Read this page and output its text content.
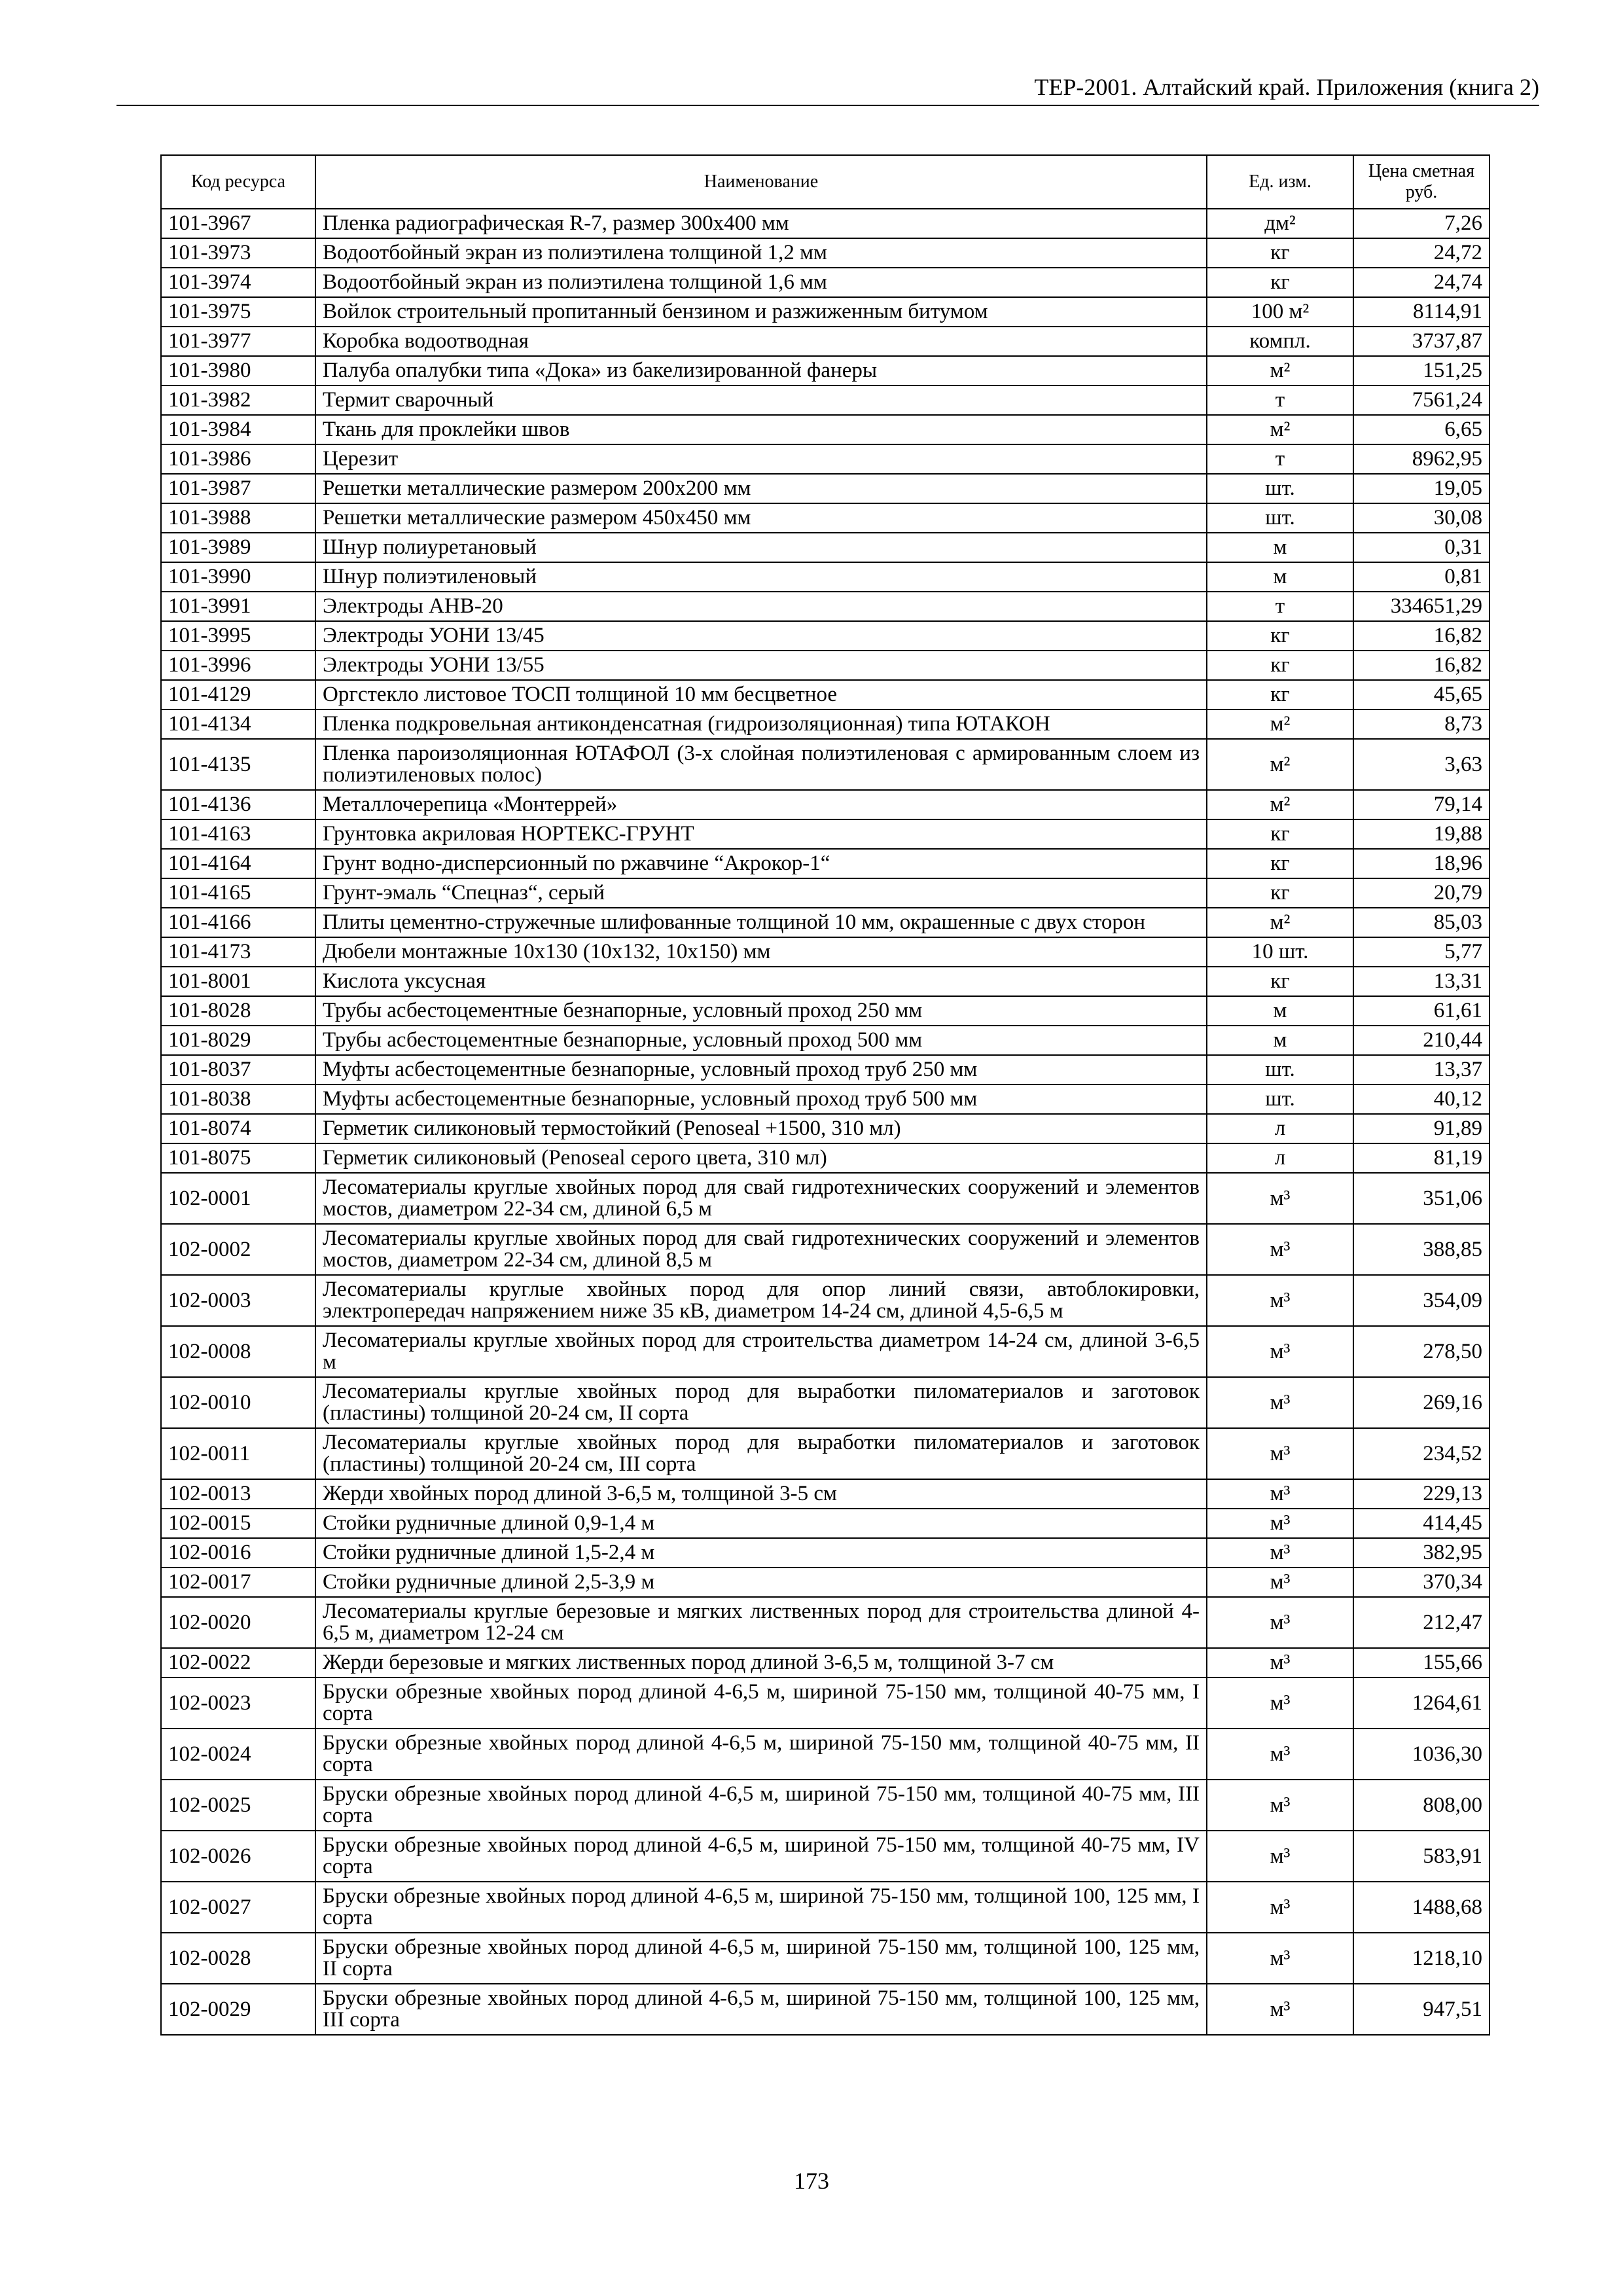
ТЕР-2001. Алтайский край. Приложения (книга 2)
Код ресурса	Наименование	Ед. изм.	Цена сметная руб.
101-3967	Пленка радиографическая R-7, размер 300x400 мм	дм²	7,26
101-3973	Водоотбойный экран из полиэтилена толщиной 1,2 мм	кг	24,72
101-3974	Водоотбойный экран из полиэтилена толщиной 1,6 мм	кг	24,74
101-3975	Войлок строительный пропитанный бензином и разжиженным битумом	100 м²	8114,91
101-3977	Коробка водоотводная	компл.	3737,87
101-3980	Палуба опалубки типа «Дока» из бакелизированной фанеры	м²	151,25
101-3982	Термит сварочный	т	7561,24
101-3984	Ткань для проклейки швов	м²	6,65
101-3986	Церезит	т	8962,95
101-3987	Решетки металлические размером 200x200 мм	шт.	19,05
101-3988	Решетки металлические размером 450x450 мм	шт.	30,08
101-3989	Шнур полиуретановый	м	0,31
101-3990	Шнур полиэтиленовый	м	0,81
101-3991	Электроды АНВ-20	т	334651,29
101-3995	Электроды УОНИ 13/45	кг	16,82
101-3996	Электроды УОНИ 13/55	кг	16,82
101-4129	Оргстекло листовое ТОСП толщиной 10 мм бесцветное	кг	45,65
101-4134	Пленка подкровельная антиконденсатная (гидроизоляционная) типа ЮТАКОН	м²	8,73
101-4135	Пленка пароизоляционная ЮТАФОЛ (3-х слойная полиэтиленовая с армированным слоем из полиэтиленовых полос)	м²	3,63
101-4136	Металлочерепица «Монтеррей»	м²	79,14
101-4163	Грунтовка акриловая НОРТЕКС-ГРУНТ	кг	19,88
101-4164	Грунт водно-дисперсионный по ржавчине “Акрокор-1“	кг	18,96
101-4165	Грунт-эмаль “Спецназ“, серый	кг	20,79
101-4166	Плиты цементно-стружечные шлифованные толщиной 10 мм, окрашенные с двух сторон	м²	85,03
101-4173	Дюбели монтажные 10x130 (10x132, 10x150) мм	10 шт.	5,77
101-8001	Кислота уксусная	кг	13,31
101-8028	Трубы асбестоцементные безнапорные, условный проход 250 мм	м	61,61
101-8029	Трубы асбестоцементные безнапорные, условный проход 500 мм	м	210,44
101-8037	Муфты асбестоцементные безнапорные, условный проход труб 250 мм	шт.	13,37
101-8038	Муфты асбестоцементные безнапорные, условный проход труб 500 мм	шт.	40,12
101-8074	Герметик силиконовый термостойкий (Penoseal +1500, 310 мл)	л	91,89
101-8075	Герметик силиконовый (Penoseal серого цвета, 310 мл)	л	81,19
102-0001	Лесоматериалы круглые хвойных пород для свай гидротехнических сооружений и элементов мостов, диаметром 22-34 см, длиной 6,5 м	м³	351,06
102-0002	Лесоматериалы круглые хвойных пород для свай гидротехнических сооружений и элементов мостов, диаметром 22-34 см, длиной 8,5 м	м³	388,85
102-0003	Лесоматериалы круглые хвойных пород для опор линий связи, автоблокировки, электропередач напряжением ниже 35 кВ, диаметром 14-24 см, длиной 4,5-6,5 м	м³	354,09
102-0008	Лесоматериалы круглые хвойных пород для строительства диаметром 14-24 см, длиной 3-6,5 м	м³	278,50
102-0010	Лесоматериалы круглые хвойных пород для выработки пиломатериалов и заготовок (пластины) толщиной 20-24 см, II сорта	м³	269,16
102-0011	Лесоматериалы круглые хвойных пород для выработки пиломатериалов и заготовок (пластины) толщиной 20-24 см, III сорта	м³	234,52
102-0013	Жерди хвойных пород длиной 3-6,5 м, толщиной 3-5 см	м³	229,13
102-0015	Стойки рудничные длиной 0,9-1,4 м	м³	414,45
102-0016	Стойки рудничные длиной 1,5-2,4 м	м³	382,95
102-0017	Стойки рудничные длиной 2,5-3,9 м	м³	370,34
102-0020	Лесоматериалы круглые березовые и мягких лиственных пород для строительства длиной 4-6,5 м, диаметром 12-24 см	м³	212,47
102-0022	Жерди березовые и мягких лиственных пород длиной 3-6,5 м, толщиной 3-7 см	м³	155,66
102-0023	Бруски обрезные хвойных пород длиной 4-6,5 м, шириной 75-150 мм, толщиной 40-75 мм, I сорта	м³	1264,61
102-0024	Бруски обрезные хвойных пород длиной 4-6,5 м, шириной 75-150 мм, толщиной 40-75 мм, II сорта	м³	1036,30
102-0025	Бруски обрезные хвойных пород длиной 4-6,5 м, шириной 75-150 мм, толщиной 40-75 мм, III сорта	м³	808,00
102-0026	Бруски обрезные хвойных пород длиной 4-6,5 м, шириной 75-150 мм, толщиной 40-75 мм, IV сорта	м³	583,91
102-0027	Бруски обрезные хвойных пород длиной 4-6,5 м, шириной 75-150 мм, толщиной 100, 125 мм, I сорта	м³	1488,68
102-0028	Бруски обрезные хвойных пород длиной 4-6,5 м, шириной 75-150 мм, толщиной 100, 125 мм, II сорта	м³	1218,10
102-0029	Бруски обрезные хвойных пород длиной 4-6,5 м, шириной 75-150 мм, толщиной 100, 125 мм, III сорта	м³	947,51
173
